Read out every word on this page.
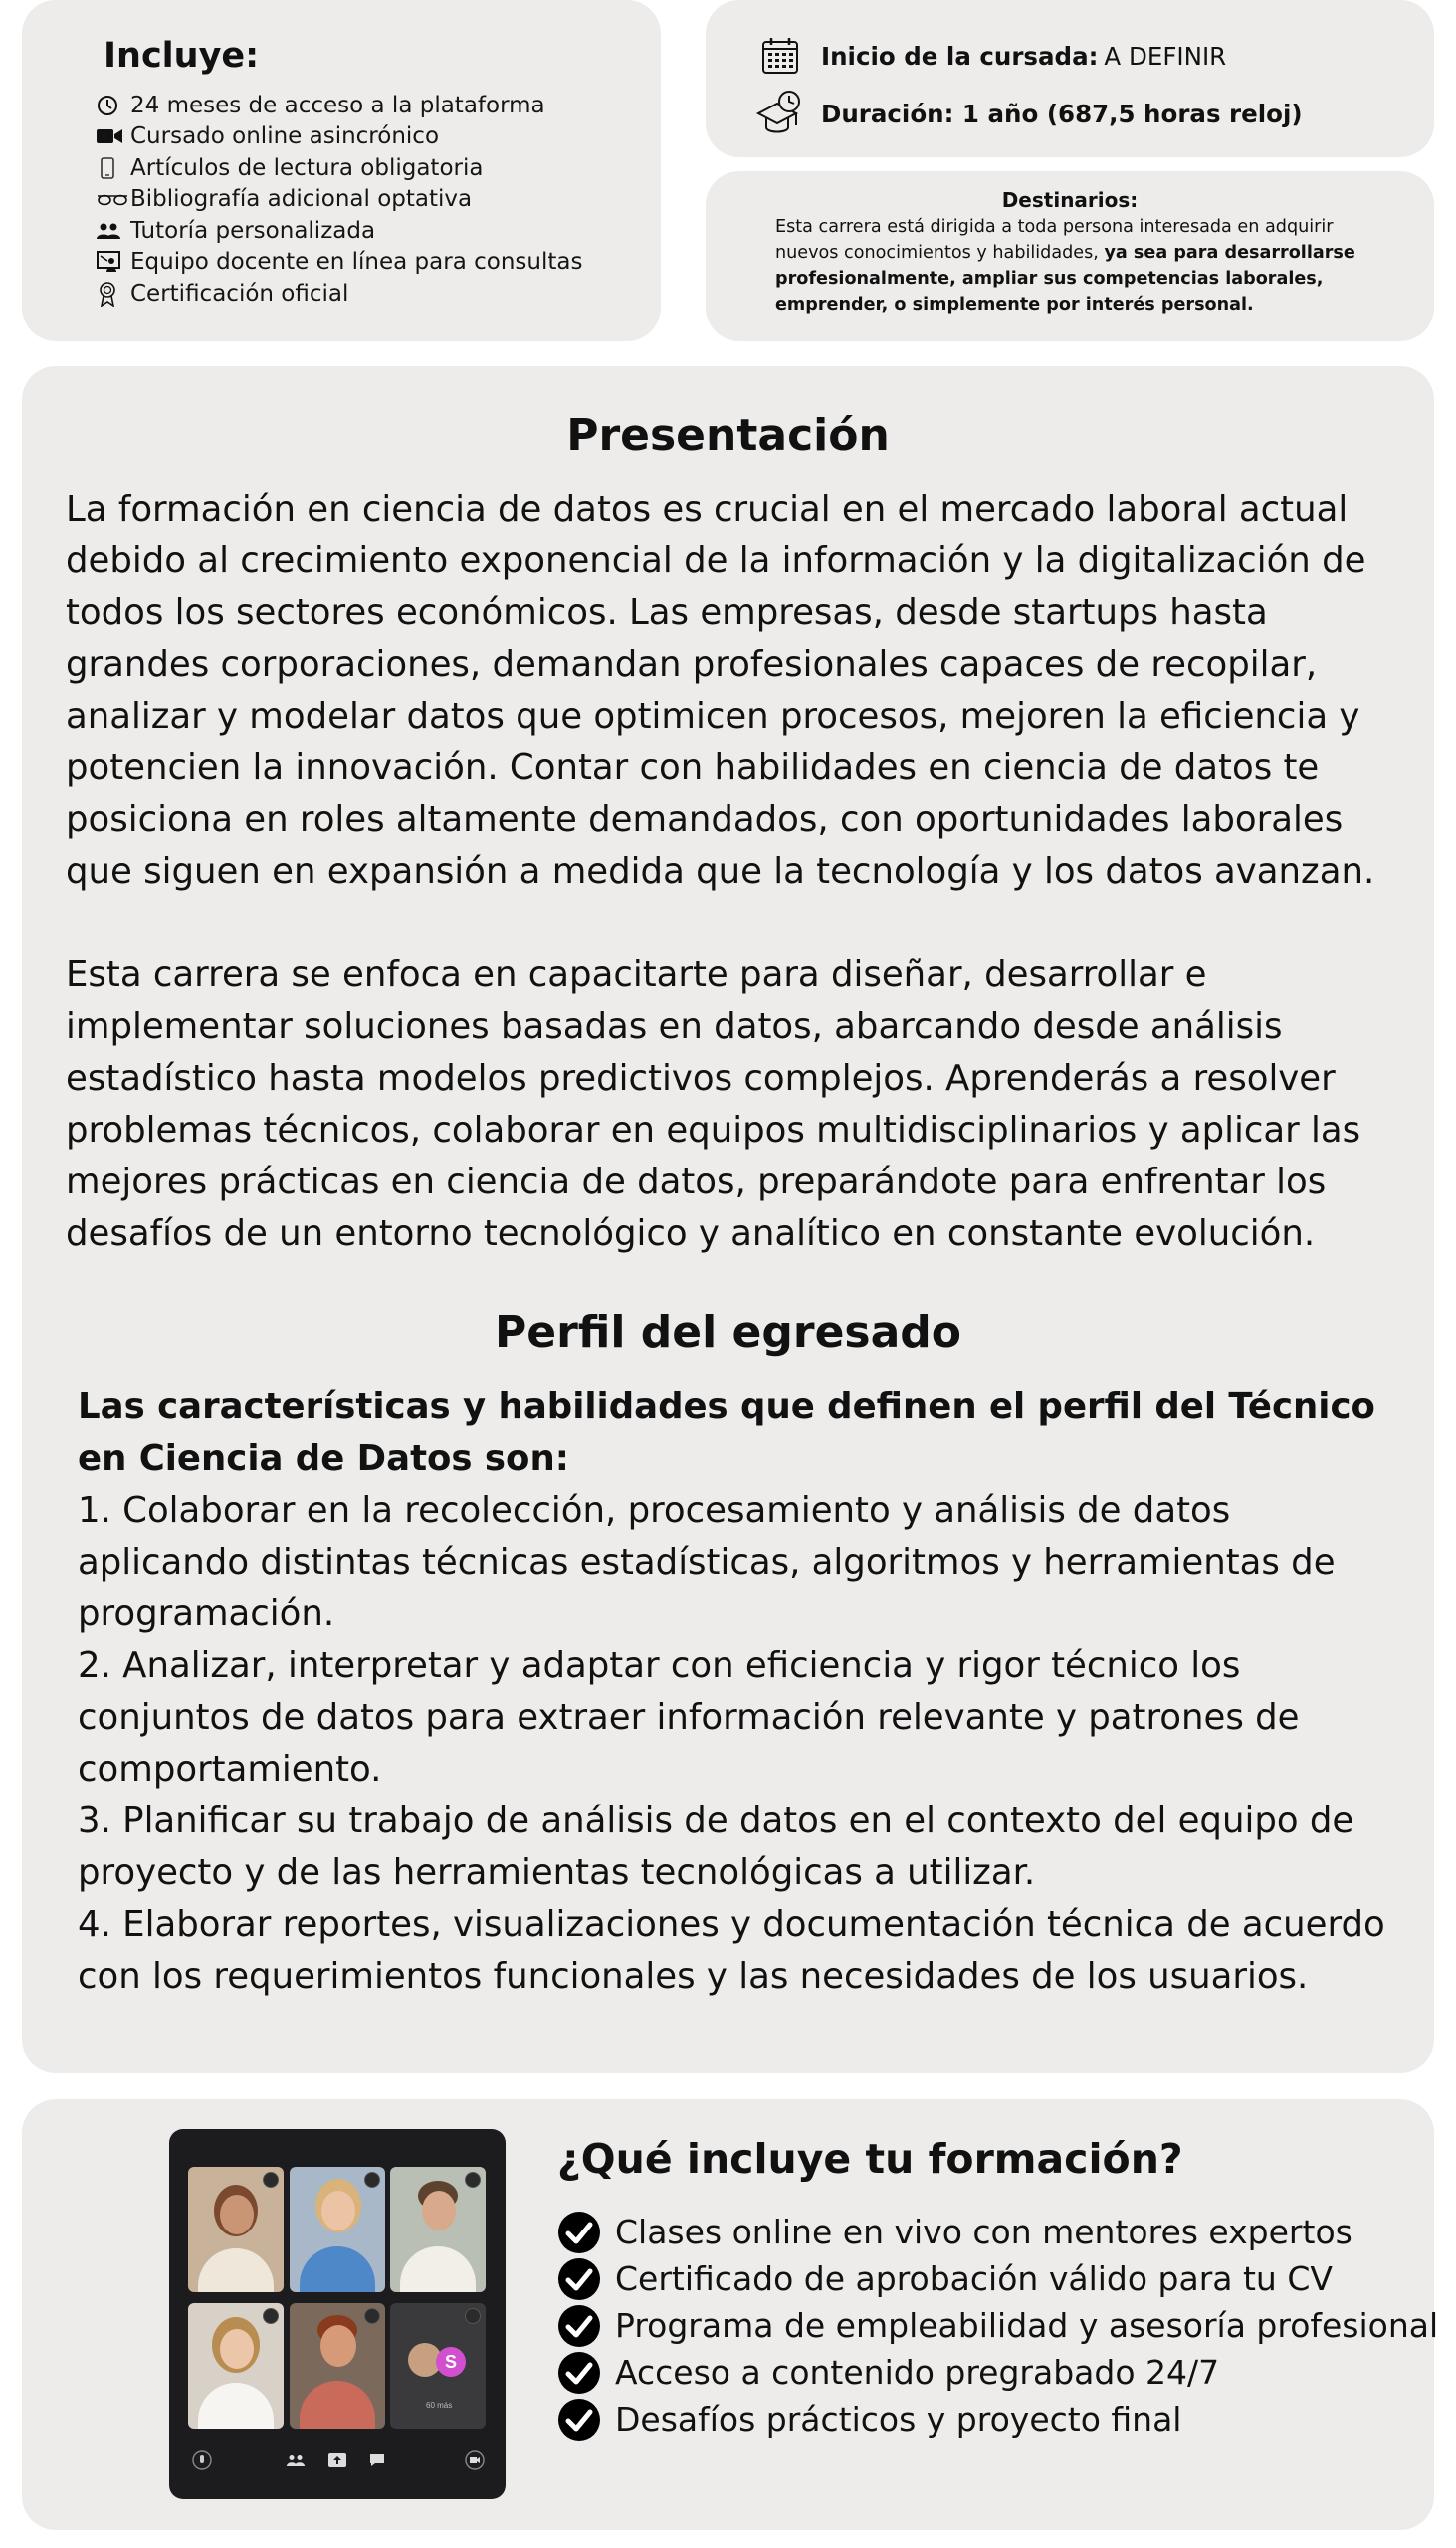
Incluye:
24 meses de acceso a la plataforma
Cursado online asincrónico
Artículos de lectura obligatoria
Bibliografía adicional optativa
Tutoría personalizada
Equipo docente en línea para consultas
Certificación oficial
Inicio de la cursada: A DEFINIR
Duración: 1 año (687,5 horas reloj)
Destinarios:

Esta carrera está dirigida a toda persona interesada en adquirir nuevos conocimientos y habilidades, ya sea para desarrollarse profesionalmente, ampliar sus competencias laborales, emprender, o simplemente por interés personal.

Presentación

La formación en ciencia de datos es crucial en el mercado laboral actual debido al crecimiento exponencial de la información y la digitalización de todos los sectores económicos. Las empresas, desde startups hasta grandes corporaciones, demandan profesionales capaces de recopilar, analizar y modelar datos que optimicen procesos, mejoren la eficiencia y potencien la innovación. Contar con habilidades en ciencia de datos te posiciona en roles altamente demandados, con oportunidades laborales que siguen en expansión a medida que la tecnología y los datos avanzan.

Esta carrera se enfoca en capacitarte para diseñar, desarrollar e implementar soluciones basadas en datos, abarcando desde análisis estadístico hasta modelos predictivos complejos. Aprenderás a resolver problemas técnicos, colaborar en equipos multidisciplinarios y aplicar las mejores prácticas en ciencia de datos, preparándote para enfrentar los desafíos de un entorno tecnológico y analítico en constante evolución.

Perfil del egresado

Las características y habilidades que definen el perfil del Técnico en Ciencia de Datos son:

1. Colaborar en la recolección, procesamiento y análisis de datos aplicando distintas técnicas estadísticas, algoritmos y herramientas de programación.
2. Analizar, interpretar y adaptar con eficiencia y rigor técnico los conjuntos de datos para extraer información relevante y patrones de comportamiento.
3. Planificar su trabajo de análisis de datos en el contexto del equipo de proyecto y de las herramientas tecnológicas a utilizar.
4. Elaborar reportes, visualizaciones y documentación técnica de acuerdo con los requerimientos funcionales y las necesidades de los usuarios.
S
60 más
¿Qué incluye tu formación?
Clases online en vivo con mentores expertos
Certificado de aprobación válido para tu CV
Programa de empleabilidad y asesoría profesional
Acceso a contenido pregrabado 24/7
Desafíos prácticos y proyecto final
